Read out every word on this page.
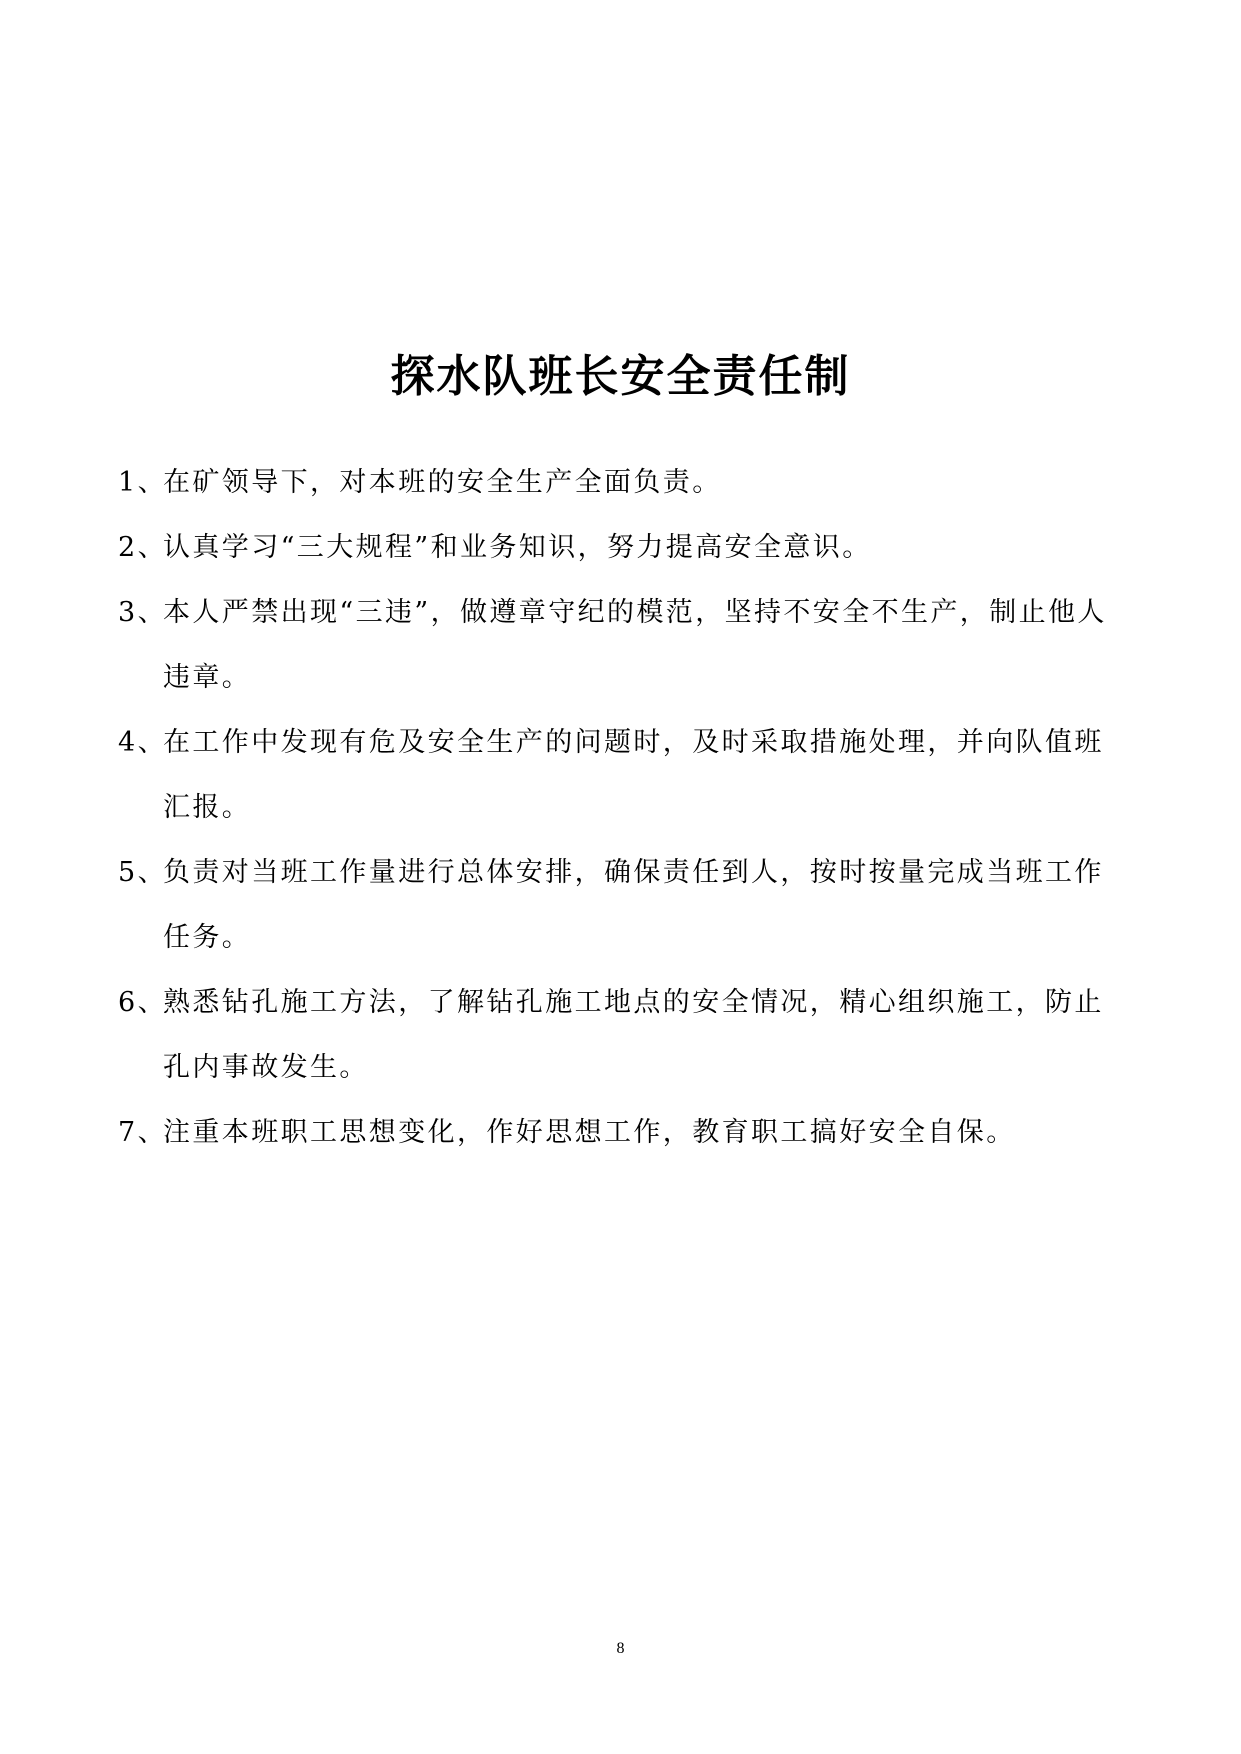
探水队班长安全责任制

1、
在矿领导下，对本班的安全生产全面负责。

2、
认真学习“三大规程”和业务知识，努力提高安全意识。

3、
本人严禁出现“三违”，做遵章守纪的模范，坚持不安全不生产，制止他人违章。

4、
在工作中发现有危及安全生产的问题时，及时采取措施处理，并向队值班汇报。

5、
负责对当班工作量进行总体安排，确保责任到人，按时按量完成当班工作任务。

6、
熟悉钻孔施工方法，了解钻孔施工地点的安全情况，精心组织施工，防止孔内事故发生。

7、
注重本班职工思想变化，作好思想工作，教育职工搞好安全自保。

8
